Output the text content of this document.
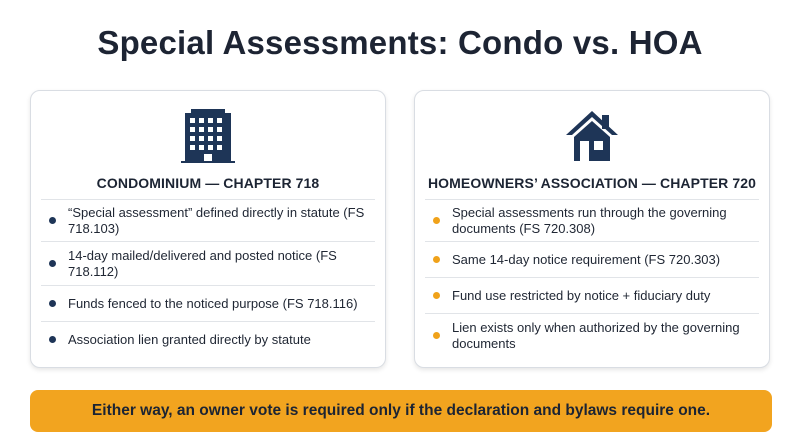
Special Assessments: Condo vs. HOA
CONDOMINIUM — CHAPTER 718
“Special assessment” defined directly in statute (FS 718.103)
14-day mailed/delivered and posted notice (FS 718.112)
Funds fenced to the noticed purpose (FS 718.116)
Association lien granted directly by statute
HOMEOWNERS’ ASSOCIATION — CHAPTER 720
Special assessments run through the governing documents (FS 720.308)
Same 14-day notice requirement (FS 720.303)
Fund use restricted by notice + fiduciary duty
Lien exists only when authorized by the governing documents
Either way, an owner vote is required only if the declaration and bylaws require one.
